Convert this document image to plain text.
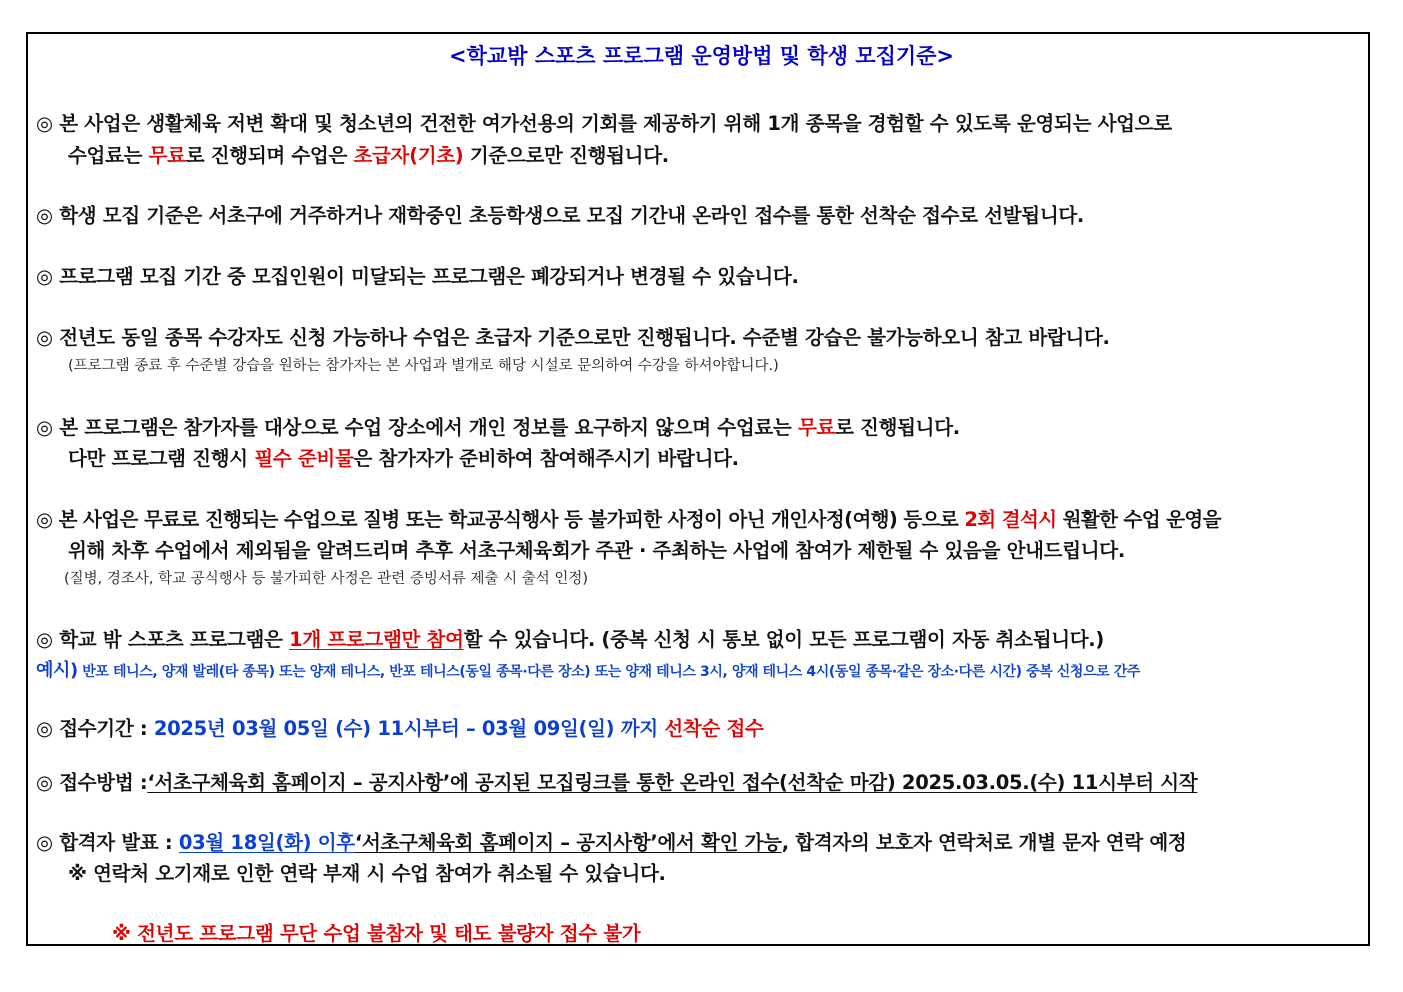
<학교밖 스포츠 프로그램 운영방법 및 학생 모집기준>
◎ 본 사업은 생활체육 저변 확대 및 청소년의 건전한 여가선용의 기회를 제공하기 위해 1개 종목을 경험할 수 있도록 운영되는 사업으로
수업료는 무료로 진행되며 수업은 초급자(기초) 기준으로만 진행됩니다.
◎ 학생 모집 기준은 서초구에 거주하거나 재학중인 초등학생으로 모집 기간내 온라인 접수를 통한 선착순 접수로 선발됩니다.
◎ 프로그램 모집 기간 중 모집인원이 미달되는 프로그램은 폐강되거나 변경될 수 있습니다.
◎ 전년도 동일 종목 수강자도 신청 가능하나 수업은 초급자 기준으로만 진행됩니다. 수준별 강습은 불가능하오니 참고 바랍니다.
(프로그램 종료 후 수준별 강습을 원하는 참가자는 본 사업과 별개로 해당 시설로 문의하여 수강을 하셔야합니다.)
◎ 본 프로그램은 참가자를 대상으로 수업 장소에서 개인 정보를 요구하지 않으며 수업료는 무료로 진행됩니다.
다만 프로그램 진행시 필수 준비물은 참가자가 준비하여 참여해주시기 바랍니다.
◎ 본 사업은 무료로 진행되는 수업으로 질병 또는 학교공식행사 등 불가피한 사정이 아닌 개인사정(여행) 등으로 2회 결석시 원활한 수업 운영을
위해 차후 수업에서 제외됨을 알려드리며 추후 서초구체육회가 주관 · 주최하는 사업에 참여가 제한될 수 있음을 안내드립니다.
(질병, 경조사, 학교 공식행사 등 불가피한 사정은 관련 증빙서류 제출 시 출석 인정)
◎ 학교 밖 스포츠 프로그램은 1개 프로그램만 참여할 수 있습니다. (중복 신청 시 통보 없이 모든 프로그램이 자동 취소됩니다.)
예시) 반포 테니스, 양재 발레(타 종목) 또는 양재 테니스, 반포 테니스(동일 종목·다른 장소) 또는 양재 테니스 3시, 양재 테니스 4시(동일 종목·같은 장소·다른 시간) 중복 신청으로 간주
◎ 접수기간 : 2025년 03월 05일 (수) 11시부터 – 03월 09일(일) 까지 선착순 접수
◎ 접수방법 :‘서초구체육회 홈페이지 – 공지사항’에 공지된 모집링크를 통한 온라인 접수(선착순 마감) 2025.03.05.(수) 11시부터 시작
◎ 합격자 발표 : 03월 18일(화) 이후‘서초구체육회 홈페이지 – 공지사항’에서 확인 가능, 합격자의 보호자 연락처로 개별 문자 연락 예정
※ 연락처 오기재로 인한 연락 부재 시 수업 참여가 취소될 수 있습니다.
※ 전년도 프로그램 무단 수업 불참자 및 태도 불량자 접수 불가
